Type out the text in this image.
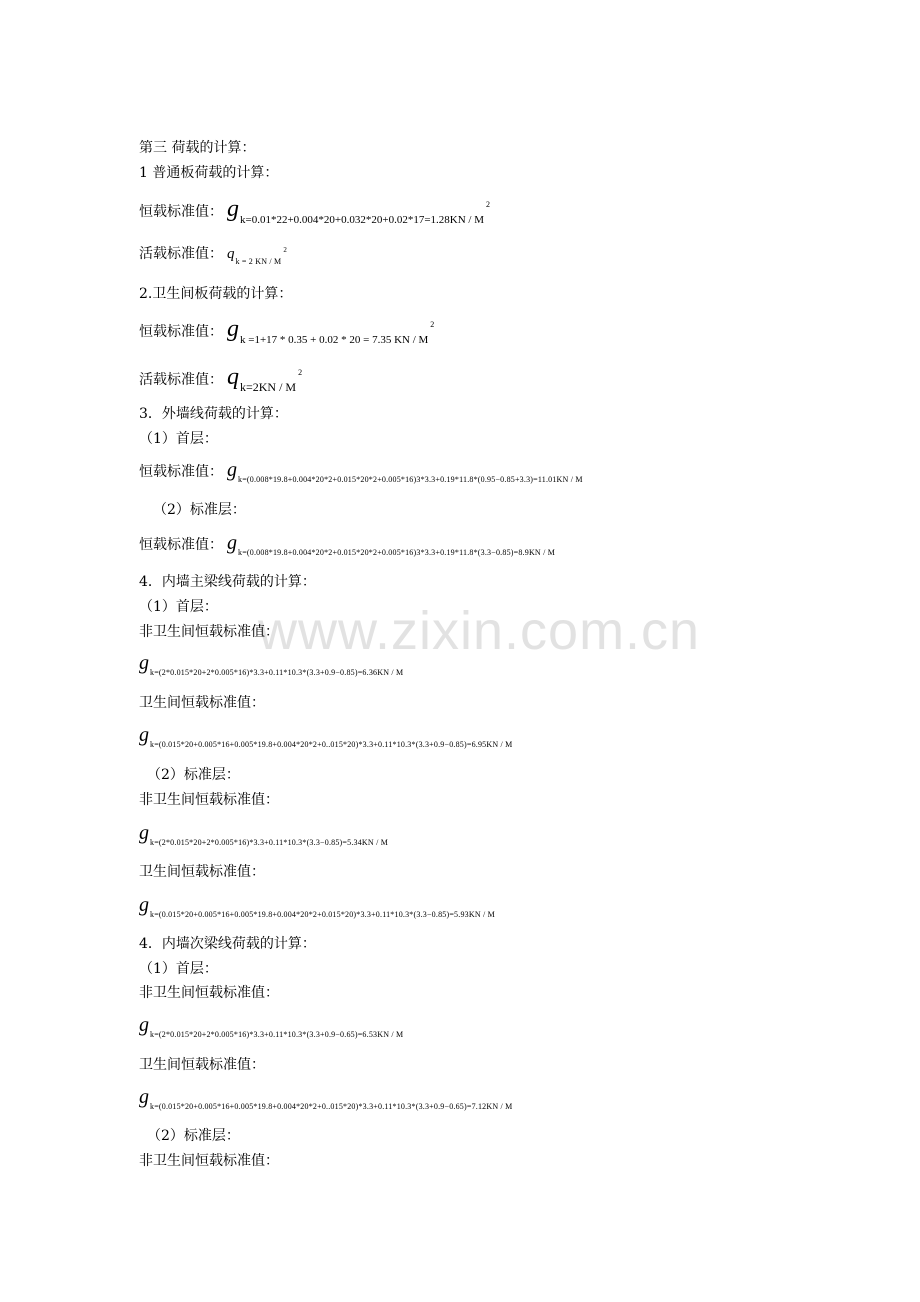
www.zixin.com.cn
第三 荷载的计算：
1 普通板荷载的计算：
恒载标准值： $g_{k=0.01*22+0.004*20+0.032*20+0.02*17=1.28KN / M}^2$
活载标准值： $q_{k = 2 KN / M}^2$
2.卫生间板荷载的计算：
恒载标准值： $g_{k =1+17 * 0.35 + 0.02 * 20 = 7.35 KN / M}^2$
活载标准值： $qk=2KN / M^2$
3．外墙线荷载的计算：
（1）首层：
恒载标准值： $g_{k=(0.008*19.8+0.004*20*2+0.015*20*2+0.005*16)3*3.3+0.19*11.8*(0.95-0.85+3.3)=11.01KN / M}$
（2）标准层：
恒载标准值： $g_{k=(0.008*19.8+0.004*20*2+0.015*20*2+0.005*16)3*3.3+0.19*11.8*(3.3-0.85)=8.9KN / M}$
4．内墙主梁线荷载的计算：
（1）首层：
非卫生间恒载标准值：
$g_{k=(2*0.015*20+2*0.005*16)*3.3+0.11*10.3*(3.3+0.9-0.85)=6.36KN / M}$
卫生间恒载标准值：
$g_{k=(0.015*20+0.005*16+0.005*19.8+0.004*20*2+0..015*20)*3.3+0.11*10.3*(3.3+0.9-0.85)=6.95KN / M}$
（2）标准层：
非卫生间恒载标准值：
$g_{k=(2*0.015*20+2*0.005*16)*3.3+0.11*10.3*(3.3-0.85)=5.34KN / M}$
卫生间恒载标准值：
$g_{k=(0.015*20+0.005*16+0.005*19.8+0.004*20*2+0.015*20)*3.3+0.11*10.3*(3.3-0.85)=5.93KN / M}$
4．内墙次梁线荷载的计算：
（1）首层：
非卫生间恒载标准值：
$g_{k=(2*0.015*20+2*0.005*16)*3.3+0.11*10.3*(3.3+0.9-0.65)=6.53KN / M}$
卫生间恒载标准值：
$g_{k=(0.015*20+0.005*16+0.005*19.8+0.004*20*2+0..015*20)*3.3+0.11*10.3*(3.3+0.9-0.65)=7.12KN / M}$
（2）标准层：
非卫生间恒载标准值：
